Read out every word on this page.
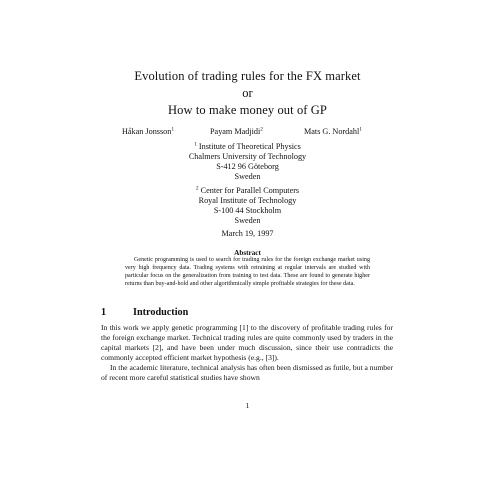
Evolution of trading rules for the FX market
or
How to make money out of GP
Håkan Jonsson$^1$	Payam Madjidi$^2$	Mats G. Nordahl$^1$
$^1$ Institute of Theoretical Physics
Chalmers University of Technology
S-412 96 Göteborg
Sweden
$^2$ Center for Parallel Computers
Royal Institute of Technology
S-100 44 Stockholm
Sweden
March 19, 1997
Abstract

Genetic programming is used to search for trading rules for the foreign exchange market using very high frequency data. Trading systems with retraining at regular intervals are studied with particular focus on the generalization from training to test data. These are found to generate higher returns than buy-and-hold and other algorithmically simple profitable strategies for these data.

1	Introduction

In this work we apply genetic programming [1] to the discovery of profitable trading rules for the foreign exchange market. Technical trading rules are quite commonly used by traders in the capital markets [2], and have been under much discussion, since their use contradicts the commonly accepted efficient market hypothesis (e.g., [3]).

In the academic literature, technical analysis has often been dismissed as futile, but a number of recent more careful statistical studies have shown

1
